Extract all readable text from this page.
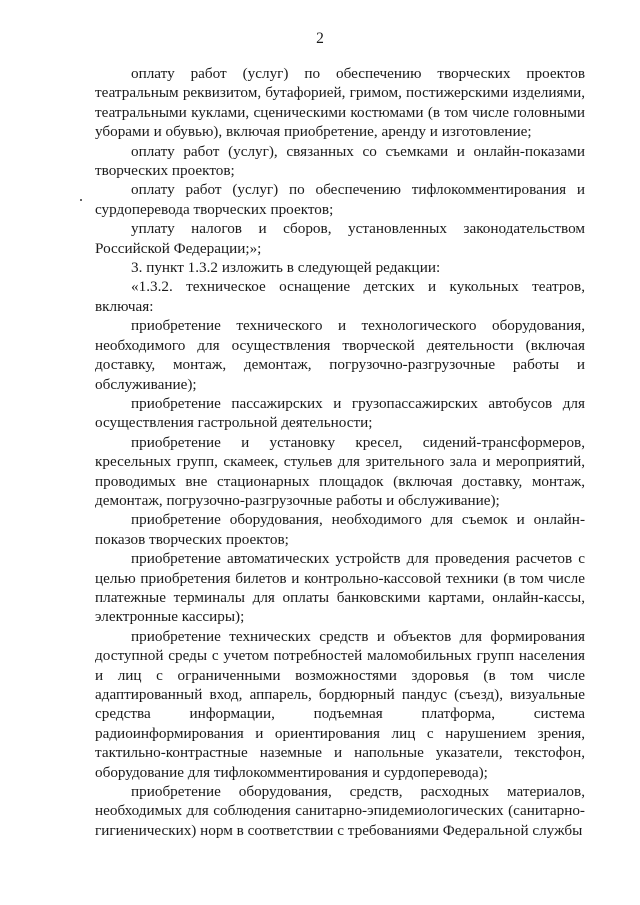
2

оплату работ (услуг) по обеспечению творческих проектов театральным реквизитом, бутафорией, гримом, постижерскими изделиями, театральными куклами, сценическими костюмами (в том числе головными уборами и обувью), включая приобретение, аренду и изготовление;

оплату работ (услуг), связанных со съемками и онлайн-показами творческих проектов;

оплату работ (услуг) по обеспечению тифлокомментирования и сурдоперевода творческих проектов;

уплату налогов и сборов, установленных законодательством Российской Федерации;»;

3. пункт 1.3.2 изложить в следующей редакции:

«1.3.2. техническое оснащение детских и кукольных театров, включая:

приобретение технического и технологического оборудования, необходимого для осуществления творческой деятельности (включая доставку, монтаж, демонтаж, погрузочно-разгрузочные работы и обслуживание);

приобретение пассажирских и грузопассажирских автобусов для осуществления гастрольной деятельности;

приобретение и установку кресел, сидений-трансформеров, кресельных групп, скамеек, стульев для зрительного зала и мероприятий, проводимых вне стационарных площадок (включая доставку, монтаж, демонтаж, погрузочно-разгрузочные работы и обслуживание);

приобретение оборудования, необходимого для съемок и онлайн-показов творческих проектов;

приобретение автоматических устройств для проведения расчетов с целью приобретения билетов и контрольно-кассовой техники (в том числе платежные терминалы для оплаты банковскими картами, онлайн-кассы, электронные кассиры);

приобретение технических средств и объектов для формирования доступной среды с учетом потребностей маломобильных групп населения и лиц с ограниченными возможностями здоровья (в том числе адаптированный вход, аппарель, бордюрный пандус (съезд), визуальные средства информации, подъемная платформа, система радиоинформирования и ориентирования лиц с нарушением зрения, тактильно-контрастные наземные и напольные указатели, текстофон, оборудование для тифлокомментирования и сурдоперевода);

приобретение оборудования, средств, расходных материалов, необходимых для соблюдения санитарно-эпидемиологических (санитарно-гигиенических) норм в соответствии с требованиями Федеральной службы
